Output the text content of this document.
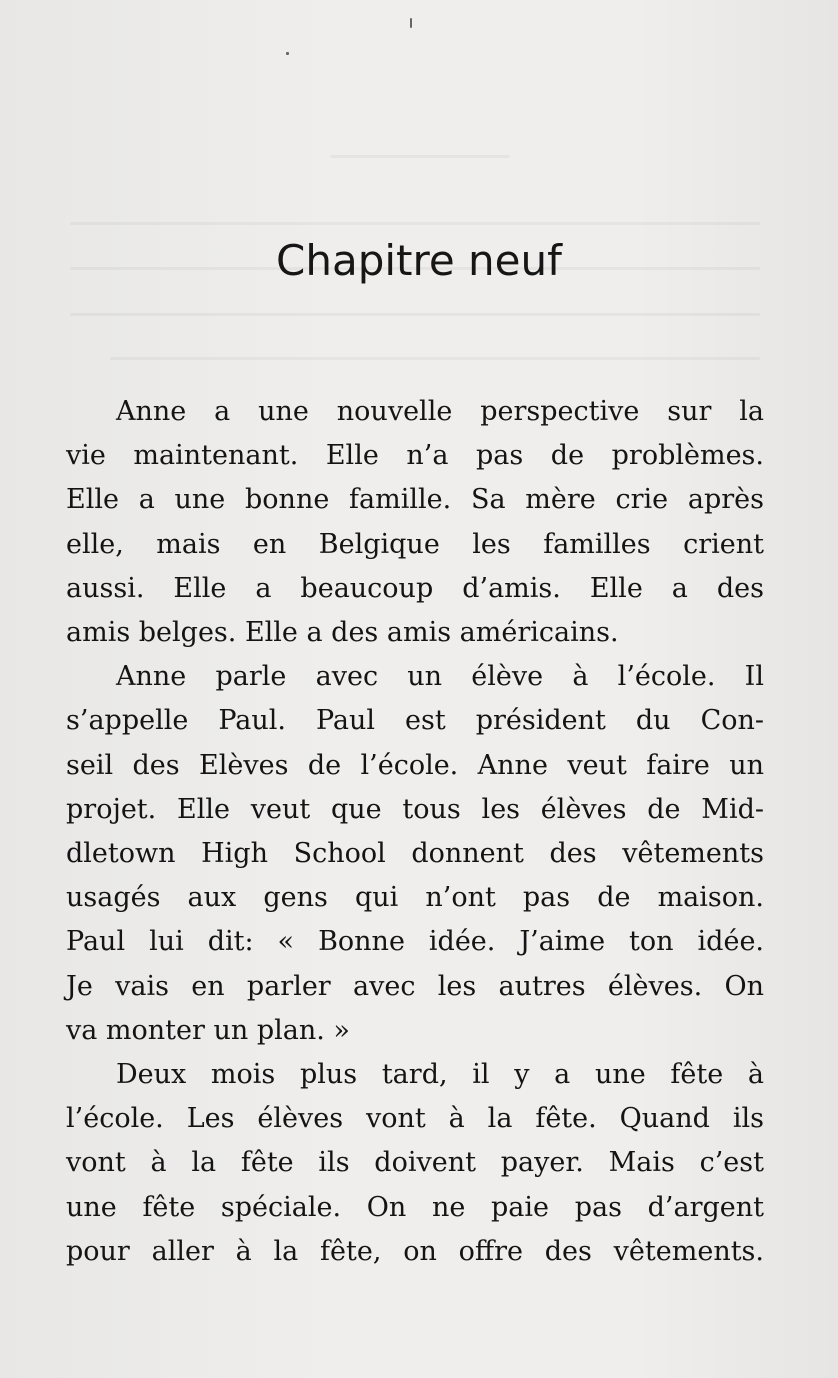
Chapitre neuf

Anne a une nouvelle perspective sur la
vie maintenant. Elle n’a pas de problèmes.
Elle a une bonne famille. Sa mère crie après
elle, mais en Belgique les familles crient
aussi. Elle a beaucoup d’amis. Elle a des
amis belges. Elle a des amis américains.

Anne parle avec un élève à l’école. Il
s’appelle Paul. Paul est président du Con-
seil des Elèves de l’école. Anne veut faire un
projet. Elle veut que tous les élèves de Mid-
dletown High School donnent des vêtements
usagés aux gens qui n’ont pas de maison.
Paul lui dit: « Bonne idée. J’aime ton idée.
Je vais en parler avec les autres élèves. On
va monter un plan. »

Deux mois plus tard, il y a une fête à
l’école. Les élèves vont à la fête. Quand ils
vont à la fête ils doivent payer. Mais c’est
une fête spéciale. On ne paie pas d’argent
pour aller à la fête, on offre des vêtements.
